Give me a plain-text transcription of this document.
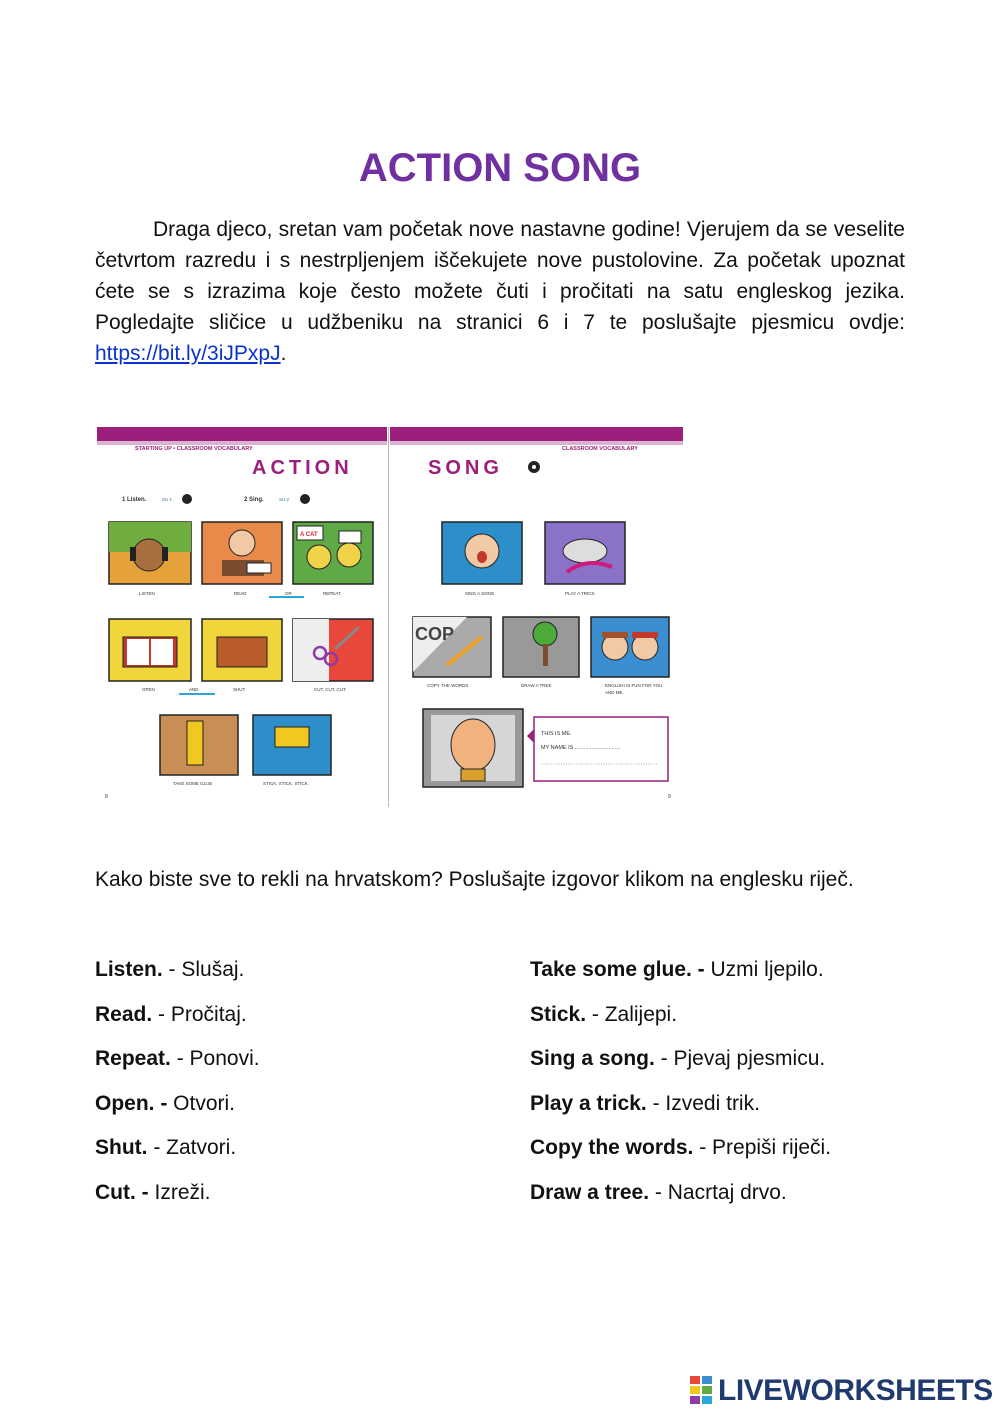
ACTION SONG

Draga djeco, sretan vam početak nove nastavne godine! Vjerujem da se veselite četvrtom razredu i s nestrpljenjem iščekujete nove pustolovine. Za početak upoznat ćete se s izrazima koje često možete čuti i pročitati na satu engleskog jezika. Pogledajte sličice u udžbeniku na stranici 6 i 7 te poslušajte pjesmicu ovdje: https://bit.ly/3iJPxpJ.

STARTING UP • CLASSROOM VOCABULARY	CLASSROOM VOCABULARY
ACTION	SONG
1 Listen.	SU 1	2 Sing.	SU 2
LISTEN	READ
A CAT
OR	REPEAT.
OPEN	AND	SHUT	CUT, CUT, CUT.
TAKE SOME GLUE	STICK, STICK, STICK.
8
SING A SONG	PLAY A TRICK.
COP
COPY THE WORDS	DRAW A TREE	ENGLISH IS FUN FOR YOU
AND ME.
THIS IS ME.
MY NAME IS ..............................
9

Kako biste sve to rekli na hrvatskom? Poslušajte izgovor klikom na englesku riječ.

Listen. - Slušaj.
Read. - Pročitaj.
Repeat. - Ponovi.
Open. - Otvori.
Shut. - Zatvori.
Cut. - Izreži.
Take some glue. - Uzmi ljepilo.
Stick. - Zalijepi.
Sing a song. - Pjevaj pjesmicu.
Play a trick. - Izvedi trik.
Copy the words. - Prepiši riječi.
Draw a tree. - Nacrtaj drvo.
LIVEWORKSHEETS
